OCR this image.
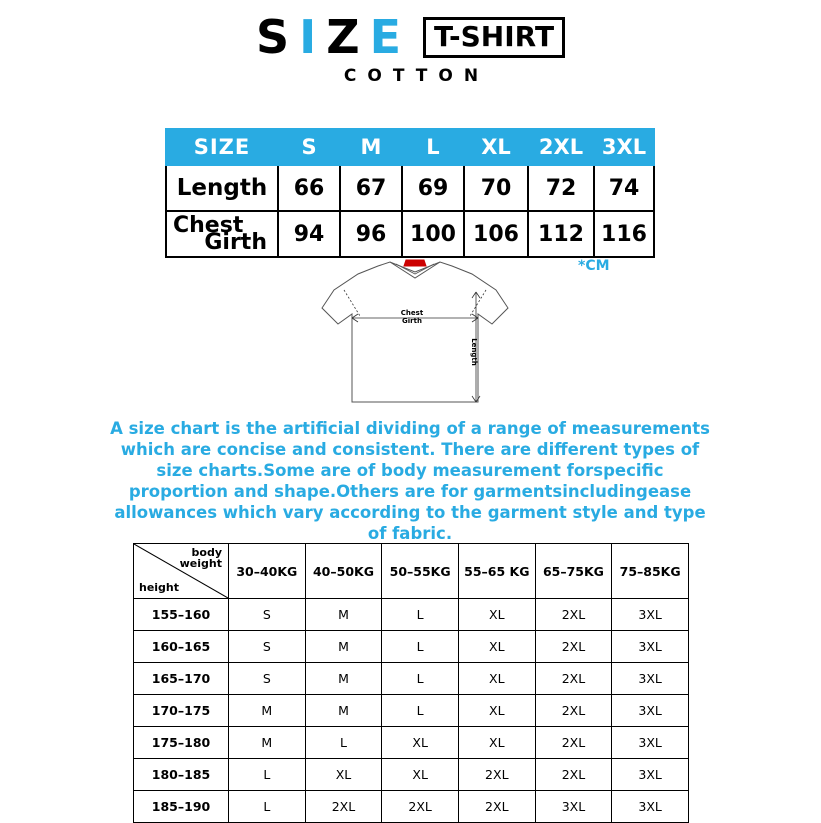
S I Z E	T-SHIRT
COTTON
SIZE	S	M	L	XL	2XL	3XL
Length	66	67	69	70	72	74

Chest
Girth	94	96	100	106	112	116
*CM
Chest
Girth
Length
A size chart is the artificial dividing of a range of measurements which are concise and consistent. There are different types of size charts.Some are of body measurement forspecific proportion and shape.Others are for garmentsincludingease allowances which vary according to the garment style and type of fabric.
body
weight
height	30–40KG	40–50KG	50–55KG	55–65 KG	65–75KG	75–85KG
155–160	S	M	L	XL	2XL	3XL
160–165	S	M	L	XL	2XL	3XL
165–170	S	M	L	XL	2XL	3XL
170–175	M	M	L	XL	2XL	3XL
175–180	M	L	XL	XL	2XL	3XL
180–185	L	XL	XL	2XL	2XL	3XL
185–190	L	2XL	2XL	2XL	3XL	3XL
